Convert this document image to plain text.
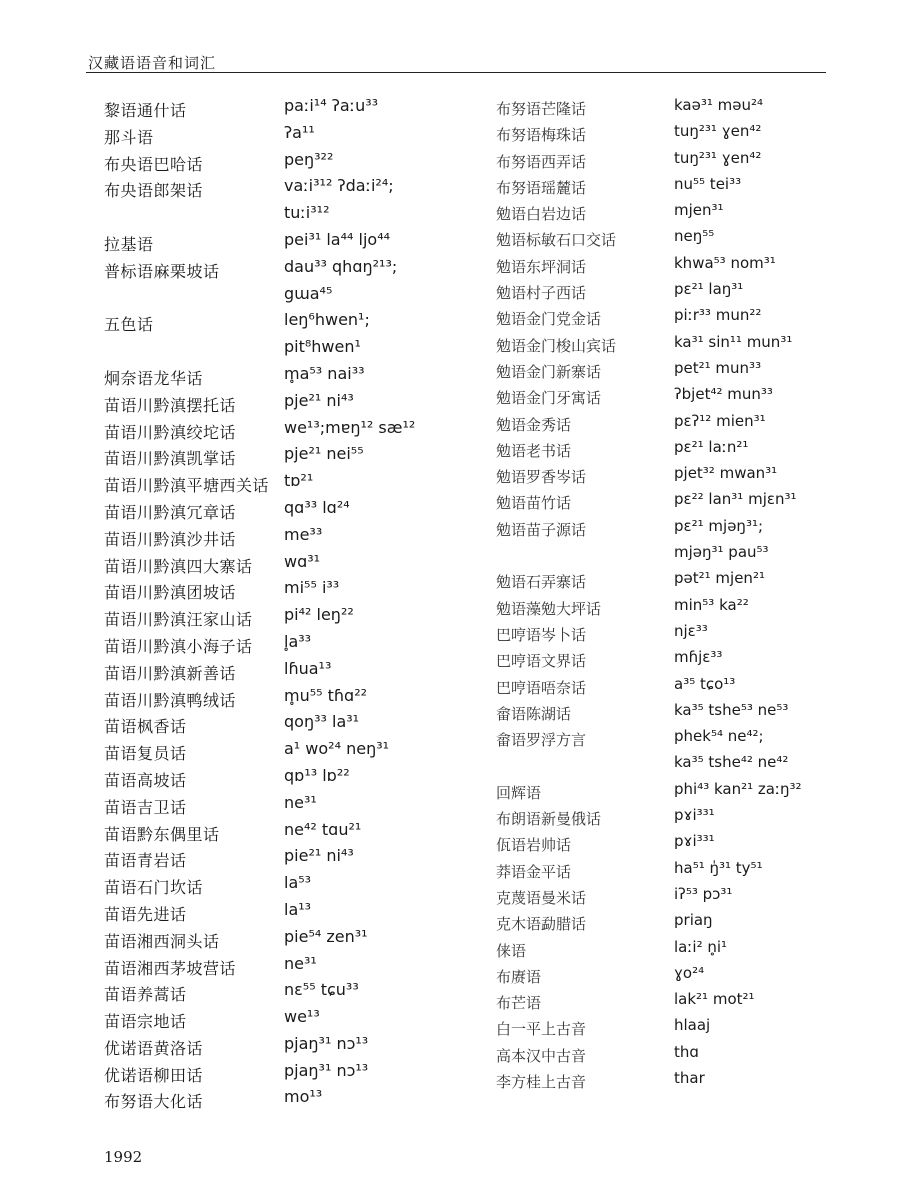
汉藏语语音和词汇
黎语通什话	paːi¹⁴ ʔaːu³³
那斗语	ʔa¹¹
布央语巴哈话	peŋ³²²
布央语郎架话	vaːi³¹² ʔdaːi²⁴;
tuːi³¹²
拉基语	pei³¹ la⁴⁴ ljo⁴⁴
普标语麻栗坡话	dau³³ qhɑŋ²¹³;
gɯa⁴⁵
五色话	leŋ⁶hwen¹;
pit⁸hwen¹
炯奈语龙华话	m̥a⁵³ nai³³
苗语川黔滇摆托话	pje²¹ ni⁴³
苗语川黔滇绞坨话	we¹³;mɐŋ¹² sæ¹²
苗语川黔滇凯掌话	pje²¹ nei⁵⁵
苗语川黔滇平塘西关话 tɒ²¹
苗语川黔滇冗章话	qɑ³³ lɑ²⁴
苗语川黔滇沙井话	me³³
苗语川黔滇四大寨话 wɑ³¹
苗语川黔滇团坡话	mi⁵⁵ i³³
苗语川黔滇汪家山话 pi⁴² leŋ²²
苗语川黔滇小海子话 l̥a³³
苗语川黔滇新善话	lɦua¹³
苗语川黔滇鸭绒话	m̥u⁵⁵ tɦɑ²²
苗语枫香话	qoŋ³³ la³¹
苗语复员话	a¹ wo²⁴ neŋ³¹
苗语高坡话	qɒ¹³ lɒ²²
苗语吉卫话	ne³¹
苗语黔东偶里话	ne⁴² tɑu²¹
苗语青岩话	pie²¹ ni⁴³
苗语石门坎话	la⁵³
苗语先进话	la¹³
苗语湘西洞头话	pie⁵⁴ zen³¹
苗语湘西茅坡营话	ne³¹
苗语养蒿话	nɛ⁵⁵ tɕu³³
苗语宗地话	we¹³
优诺语黄洛话	pjaŋ³¹ nɔ¹³
优诺语柳田话	pjaŋ³¹ nɔ¹³
布努语大化话	mo¹³
布努语芒隆话	kaə³¹ məu²⁴
布努语梅珠话	tuŋ²³¹ ɣen⁴²
布努语西弄话	tuŋ²³¹ ɣen⁴²
布努语瑶麓话	nu⁵⁵ tei³³
勉语白岩边话	mjen³¹
勉语标敏石口交话	neŋ⁵⁵
勉语东坪洞话	khwa⁵³ nom³¹
勉语村子西话	pɛ²¹ laŋ³¹
勉语金门党金话	piːr³³ mun²²
勉语金门梭山宾话	ka³¹ sin¹¹ mun³¹
勉语金门新寨话	pet²¹ mun³³
勉语金门牙寓话	ʔbjet⁴² mun³³
勉语金秀话	pɛʔ¹² mien³¹
勉语老书话	pɛ²¹ laːn²¹
勉语罗香岑话	pjet³² mwan³¹
勉语苗竹话	pɛ²² lan³¹ mjɛn³¹
勉语苗子源话	pɛ²¹ mjəŋ³¹;
mjəŋ³¹ pau⁵³
勉语石弄寨话	pət²¹ mjen²¹
勉语藻勉大坪话	min⁵³ ka²²
巴哼语岑卜话	njɛ³³
巴哼语文界话	mɦjɛ³³
巴哼语唔奈话	a³⁵ tɕo¹³
畲语陈湖话	ka³⁵ tshe⁵³ ne⁵³
畲语罗浮方言	phek⁵⁴ ne⁴²;
ka³⁵ tshe⁴² ne⁴²
回辉语	phi⁴³ kan²¹ zaːŋ³²
布朗语新曼俄话	pɤi³³¹
佤语岩帅话	pɤi³³¹
莽语金平话	ha⁵¹ ŋ̍³¹ ty⁵¹
克蔑语曼米话	iʔ⁵³ pɔ³¹
克木语勐腊话	priaŋ
俫语	laːi² n̥i¹
布赓语	ɣo²⁴
布芒语	lak²¹ mot²¹
白一平上古音	hlaaj
高本汉中古音	thɑ
李方桂上古音	thar
1992
